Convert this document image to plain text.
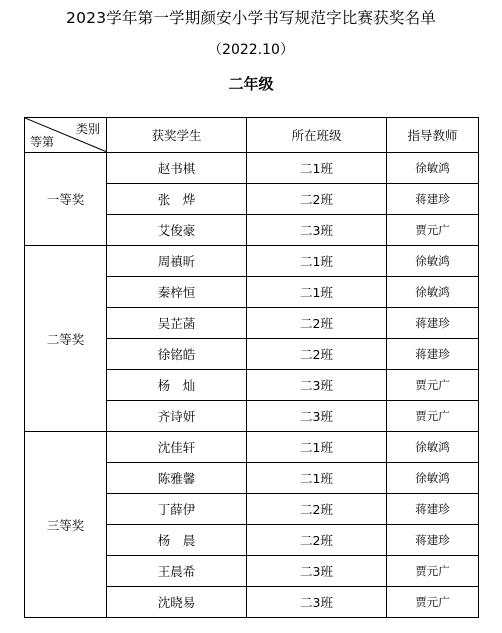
2023学年第一学期颜安小学书写规范字比赛获奖名单
（2022.10）
二年级
类别
等第	获奖学生	所在班级	指导教师
一等奖	赵书棋	二1班	徐敏鸿
	张　烨	二2班	蒋建珍
	艾俊豪	二3班	贾元广
二等奖	周禛昕	二1班	徐敏鸿
	秦梓恒	二1班	徐敏鸿
	吴芷菡	二2班	蒋建珍
	徐铭皓	二2班	蒋建珍
	杨　灿	二3班	贾元广
	齐诗妍	二3班	贾元广
三等奖	沈佳轩	二1班	徐敏鸿
	陈雅馨	二1班	徐敏鸿
	丁薛伊	二2班	蒋建珍
	杨　晨	二2班	蒋建珍
	王晨希	二3班	贾元广
	沈晓易	二3班	贾元广
